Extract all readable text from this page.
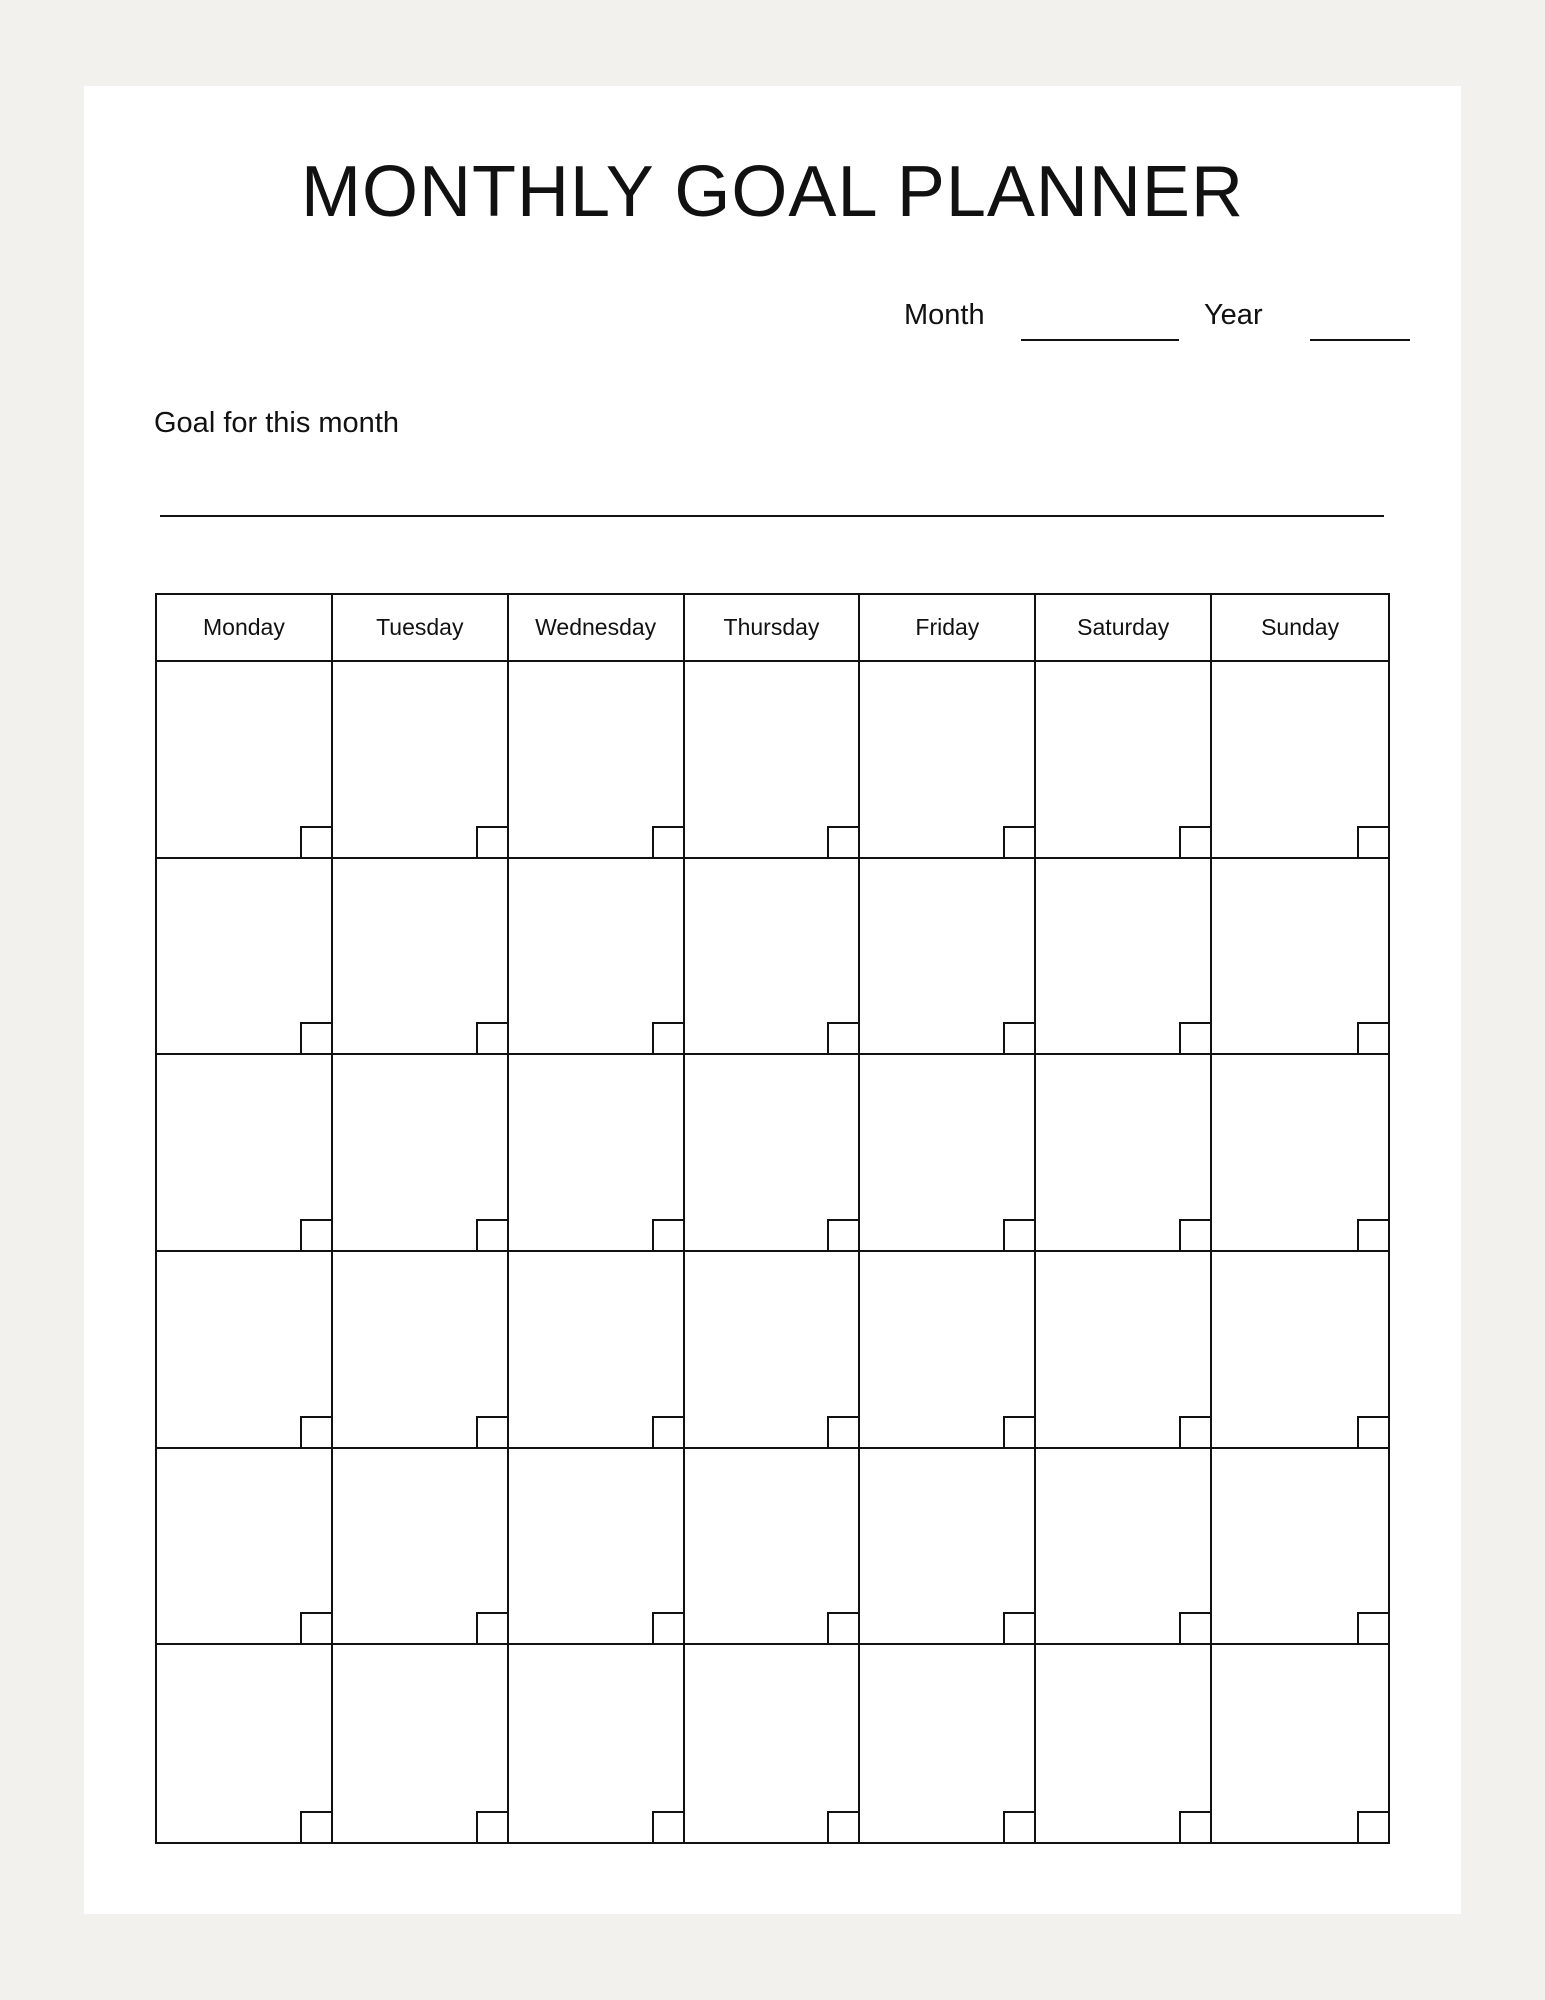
MONTHLY GOAL PLANNER
Month	Year
Goal for this month
Monday	Tuesday	Wednesday	Thursday	Friday	Saturday	Sunday
